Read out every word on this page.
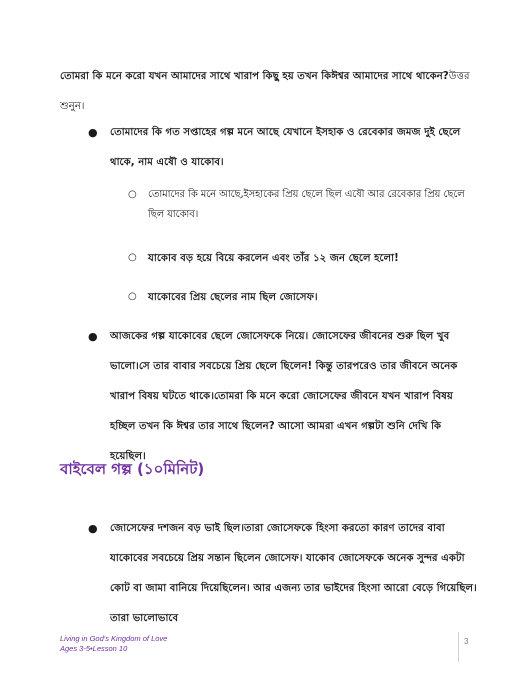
তোমরা কি মনে করো যখন আমাদের সাথে খারাপ কিছু হয় তখন কিঈশ্বর আমাদের সাথে থাকেন?উত্তর শুনুন।

●	তোমাদের কি গত সপ্তাহের গল্প মনে আছে যেখানে ইসহাক ও রেবেকার জমজ দুই ছেলে থাকে, নাম এষৌ ও যাকোব।
○	তোমাদের কি মনে আছে,ইসহাকের প্রিয় ছেলে ছিল এষৌ আর রেবেকার প্রিয় ছেলে ছিল যাকোব।
○	যাকোব বড় হয়ে বিয়ে করলেন এবং তাঁর ১২ জন ছেলে হলো!
○	যাকোবের প্রিয় ছেলের নাম ছিল জোসেফ।
●	আজকের গল্প যাকোবের ছেলে জোসেফকে নিয়ে। জোসেফের জীবনের শুরু ছিল খুব ভালো।সে তার বাবার সবচেয়ে প্রিয় ছেলে ছিলেন! কিন্তু তারপরেও তার জীবনে অনেক খারাপ বিষয় ঘটতে থাকে।তোমরা কি মনে করো জোসেফের জীবনে যখন খারাপ বিষয় হচ্ছিল তখন কি ঈশ্বর তার সাথে ছিলেন? আসো আমরা এখন গল্পটা শুনি দেখি কি হয়েছিল।
বাইবেল গল্প (১০মিনিট)
●	জোসেফের দশজন বড় ভাই ছিল।তারা জোসেফকে হিংসা করতো কারণ তাদের বাবা যাকোবের সবচেয়ে প্রিয় সন্তান ছিলেন জোসেফ। যাকোব জোসেফকে অনেক সুন্দর একটা কোট বা জামা বানিয়ে দিয়েছিলেন। আর এজন্য তার ভাইদের হিংসা আরো বেড়ে গিয়েছিল। তারা ভালোভাবে
Living in God's Kingdom of Love
Ages 3-5•Lesson 10
3
